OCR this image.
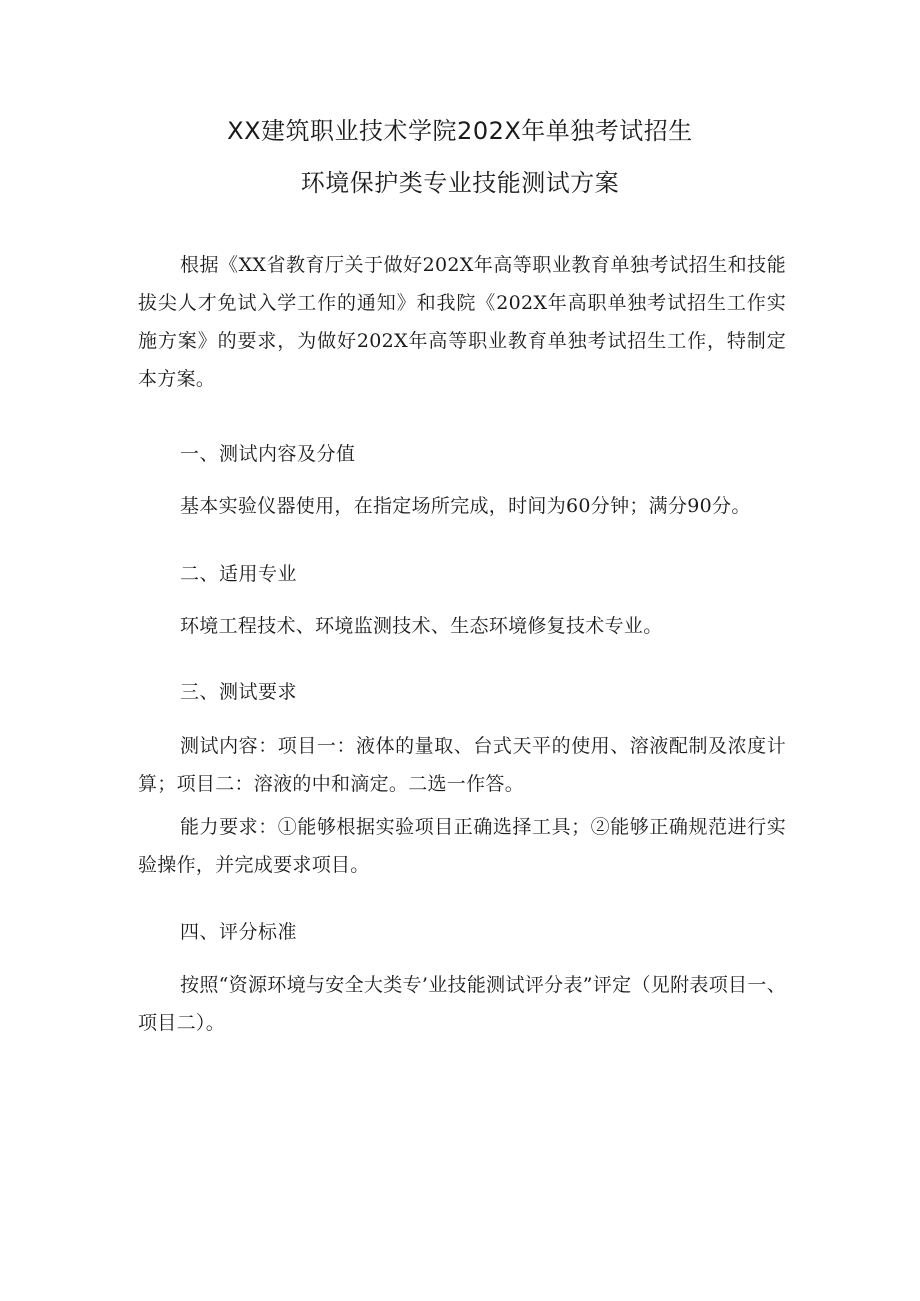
XX建筑职业技术学院202X年单独考试招生
环境保护类专业技能测试方案
根据《XX省教育厅关于做好202X年高等职业教育单独考试招生和技能拔尖人才免试入学工作的通知》和我院《202X年高职单独考试招生工作实施方案》的要求，为做好202X年高等职业教育单独考试招生工作，特制定本方案。
一、测试内容及分值
基本实验仪器使用，在指定场所完成，时间为60分钟；满分90分。
二、适用专业
环境工程技术、环境监测技术、生态环境修复技术专业。
三、测试要求
测试内容：项目一：液体的量取、台式天平的使用、溶液配制及浓度计算；项目二：溶液的中和滴定。二选一作答。
能力要求：①能够根据实验项目正确选择工具；②能够正确规范进行实验操作，并完成要求项目。
四、评分标准
按照“资源环境与安全大类专’业技能测试评分表”评定（见附表项目一、项目二）。
